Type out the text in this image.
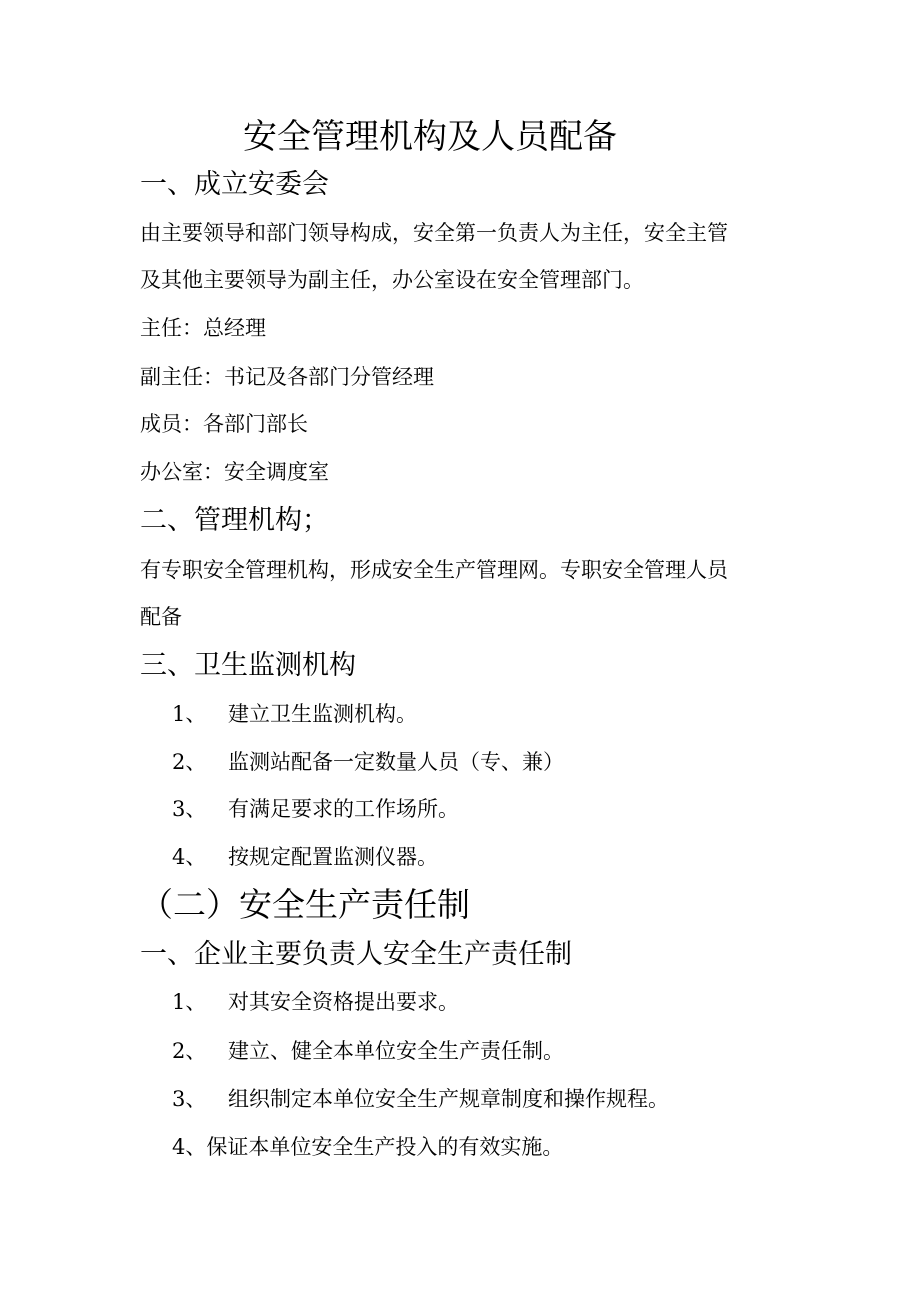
安全管理机构及人员配备
一、成立安委会
由主要领导和部门领导构成，安全第一负责人为主任，安全主管
及其他主要领导为副主任，办公室设在安全管理部门。
主任：总经理
副主任：书记及各部门分管经理
成员：各部门部长
办公室：安全调度室
二、管理机构；
有专职安全管理机构，形成安全生产管理网。专职安全管理人员
配备
三、卫生监测机构
1、 建立卫生监测机构。
2、 监测站配备一定数量人员（专、兼）
3、 有满足要求的工作场所。
4、 按规定配置监测仪器。
（二）安全生产责任制
一、企业主要负责人安全生产责任制
1、 对其安全资格提出要求。
2、 建立、健全本单位安全生产责任制。
3、 组织制定本单位安全生产规章制度和操作规程。
4、保证本单位安全生产投入的有效实施。
